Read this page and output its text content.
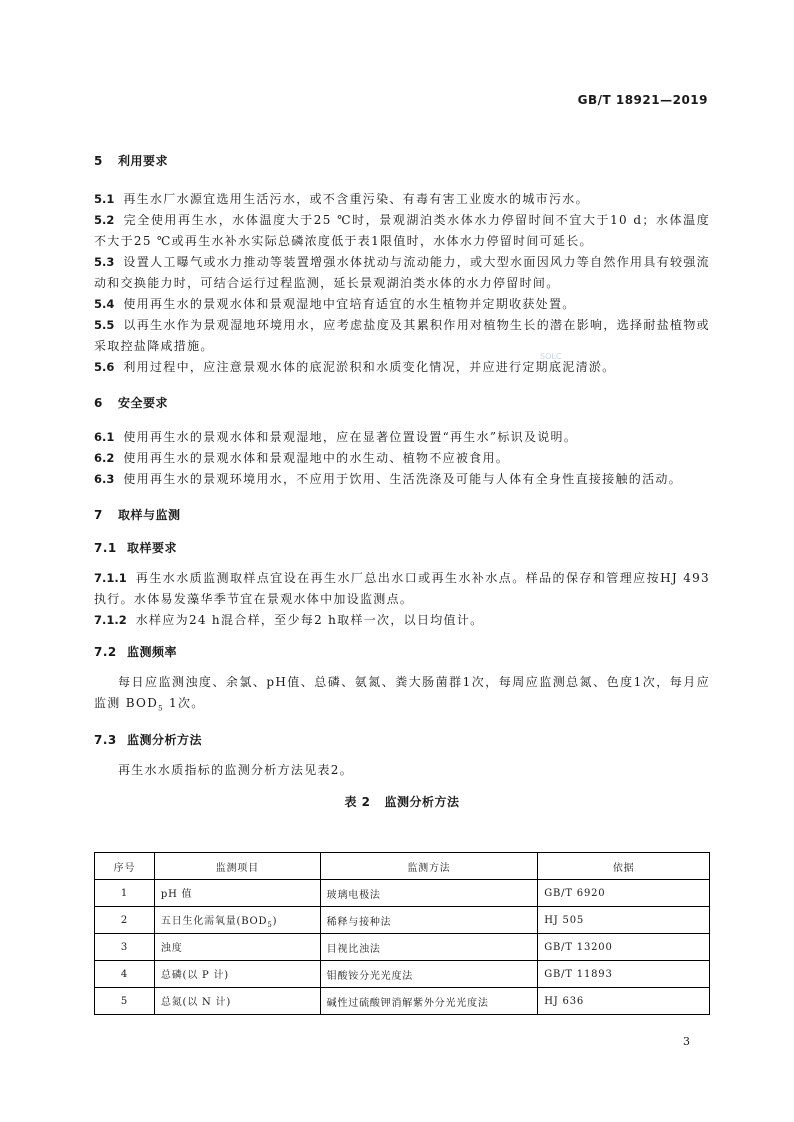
GB/T 18921—2019
SOLC
5 利用要求
5.1 再生水厂水源宜选用生活污水，或不含重污染、有毒有害工业废水的城市污水。
5.2 完全使用再生水，水体温度大于25 ℃时，景观湖泊类水体水力停留时间不宜大于10 d；水体温度不大于25 ℃或再生水补水实际总磷浓度低于表1限值时，水体水力停留时间可延长。
5.3 设置人工曝气或水力推动等装置增强水体扰动与流动能力，或大型水面因风力等自然作用具有较强流动和交换能力时，可结合运行过程监测，延长景观湖泊类水体的水力停留时间。
5.4 使用再生水的景观水体和景观湿地中宜培育适宜的水生植物并定期收获处置。
5.5 以再生水作为景观湿地环境用水，应考虑盐度及其累积作用对植物生长的潜在影响，选择耐盐植物或采取控盐降咸措施。
5.6 利用过程中，应注意景观水体的底泥淤积和水质变化情况，并应进行定期底泥清淤。
6 安全要求
6.1 使用再生水的景观水体和景观湿地，应在显著位置设置“再生水”标识及说明。
6.2 使用再生水的景观水体和景观湿地中的水生动、植物不应被食用。
6.3 使用再生水的景观环境用水，不应用于饮用、生活洗涤及可能与人体有全身性直接接触的活动。
7 取样与监测
7.1 取样要求
7.1.1 再生水水质监测取样点宜设在再生水厂总出水口或再生水补水点。样品的保存和管理应按HJ 493执行。水体易发藻华季节宜在景观水体中加设监测点。
7.1.2 水样应为24 h混合样，至少每2 h取样一次，以日均值计。
7.2 监测频率
每日应监测浊度、余氯、pH值、总磷、氨氮、粪大肠菌群1次，每周应监测总氮、色度1次，每月应监测 $BOD_5$ 1次。
7.3 监测分析方法
再生水水质指标的监测分析方法见表2。
表 2 监测分析方法
序号	监测项目	监测方法	依据
1	pH 值	玻璃电极法	GB/T 6920
2	五日生化需氧量$(BOD_5)$	稀释与接种法	HJ 505
3	浊度	目视比浊法	GB/T 13200
4	总磷(以 P 计)	钼酸铵分光光度法	GB/T 11893
5	总氮(以 N 计)	碱性过硫酸钾消解紫外分光光度法	HJ 636
3
